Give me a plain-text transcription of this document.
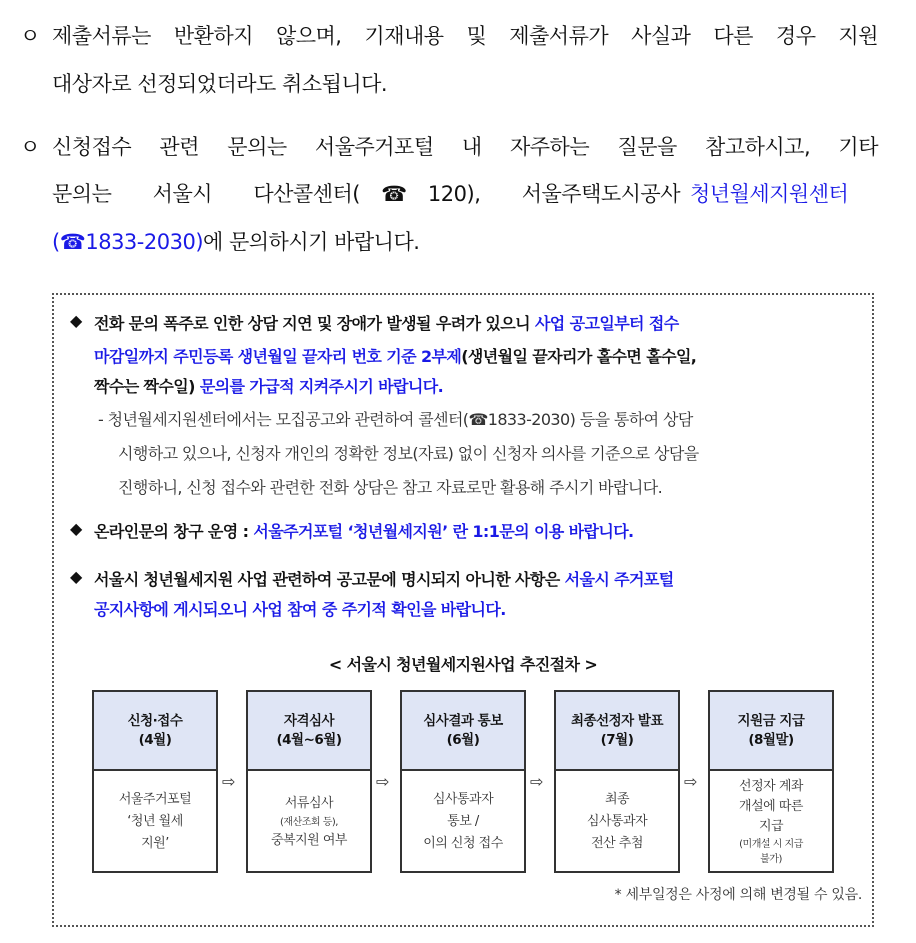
ㅇ 제출서류는 반환하지 않으며, 기재내용 및 제출서류가 사실과 다른 경우 지원
대상자로 선정되었더라도 취소됩니다.
ㅇ 신청접수 관련 문의는 서울주거포털 내 자주하는 질문을 참고하시고, 기타
문의는 서울시 다산콜센터(☎120), 서울주택도시공사 청년월세지원센터
(☎1833-2030)에 문의하시기 바랍니다.
◆ 전화 문의 폭주로 인한 상담 지연 및 장애가 발생될 우려가 있으니 사업 공고일부터 접수
마감일까지 주민등록 생년월일 끝자리 번호 기준 2부제(생년월일 끝자리가 홀수면 홀수일,
짝수는 짝수일) 문의를 가급적 지켜주시기 바랍니다.
- 청년월세지원센터에서는 모집공고와 관련하여 콜센터(☎1833-2030) 등을 통하여 상담
시행하고 있으나, 신청자 개인의 정확한 정보(자료) 없이 신청자 의사를 기준으로 상담을
진행하니, 신청 접수와 관련한 전화 상담은 참고 자료로만 활용해 주시기 바랍니다.
◆ 온라인문의 창구 운영 : 서울주거포털 ‘청년월세지원’ 란 1:1문의 이용 바랍니다.
◆ 서울시 청년월세지원 사업 관련하여 공고문에 명시되지 아니한 사항은 서울시 주거포털
공지사항에 게시되오니 사업 참여 중 주기적 확인을 바랍니다.
< 서울시 청년월세지원사업 추진절차 >
신청·접수
(4월)
서울주거포털
‘청년 월세
지원’
⇨
자격심사
(4월~6월)
서류심사
(재산조회 등),
중복지원 여부
⇨
심사결과 통보
(6월)
심사통과자
통보 /
이의 신청 접수
⇨
최종선정자 발표
(7월)
최종
심사통과자
전산 추첨
⇨
지원금 지급
(8월말)
선정자 계좌
개설에 따른
지급
(미개설 시 지급 불가)
* 세부일정은 사정에 의해 변경될 수 있음.
